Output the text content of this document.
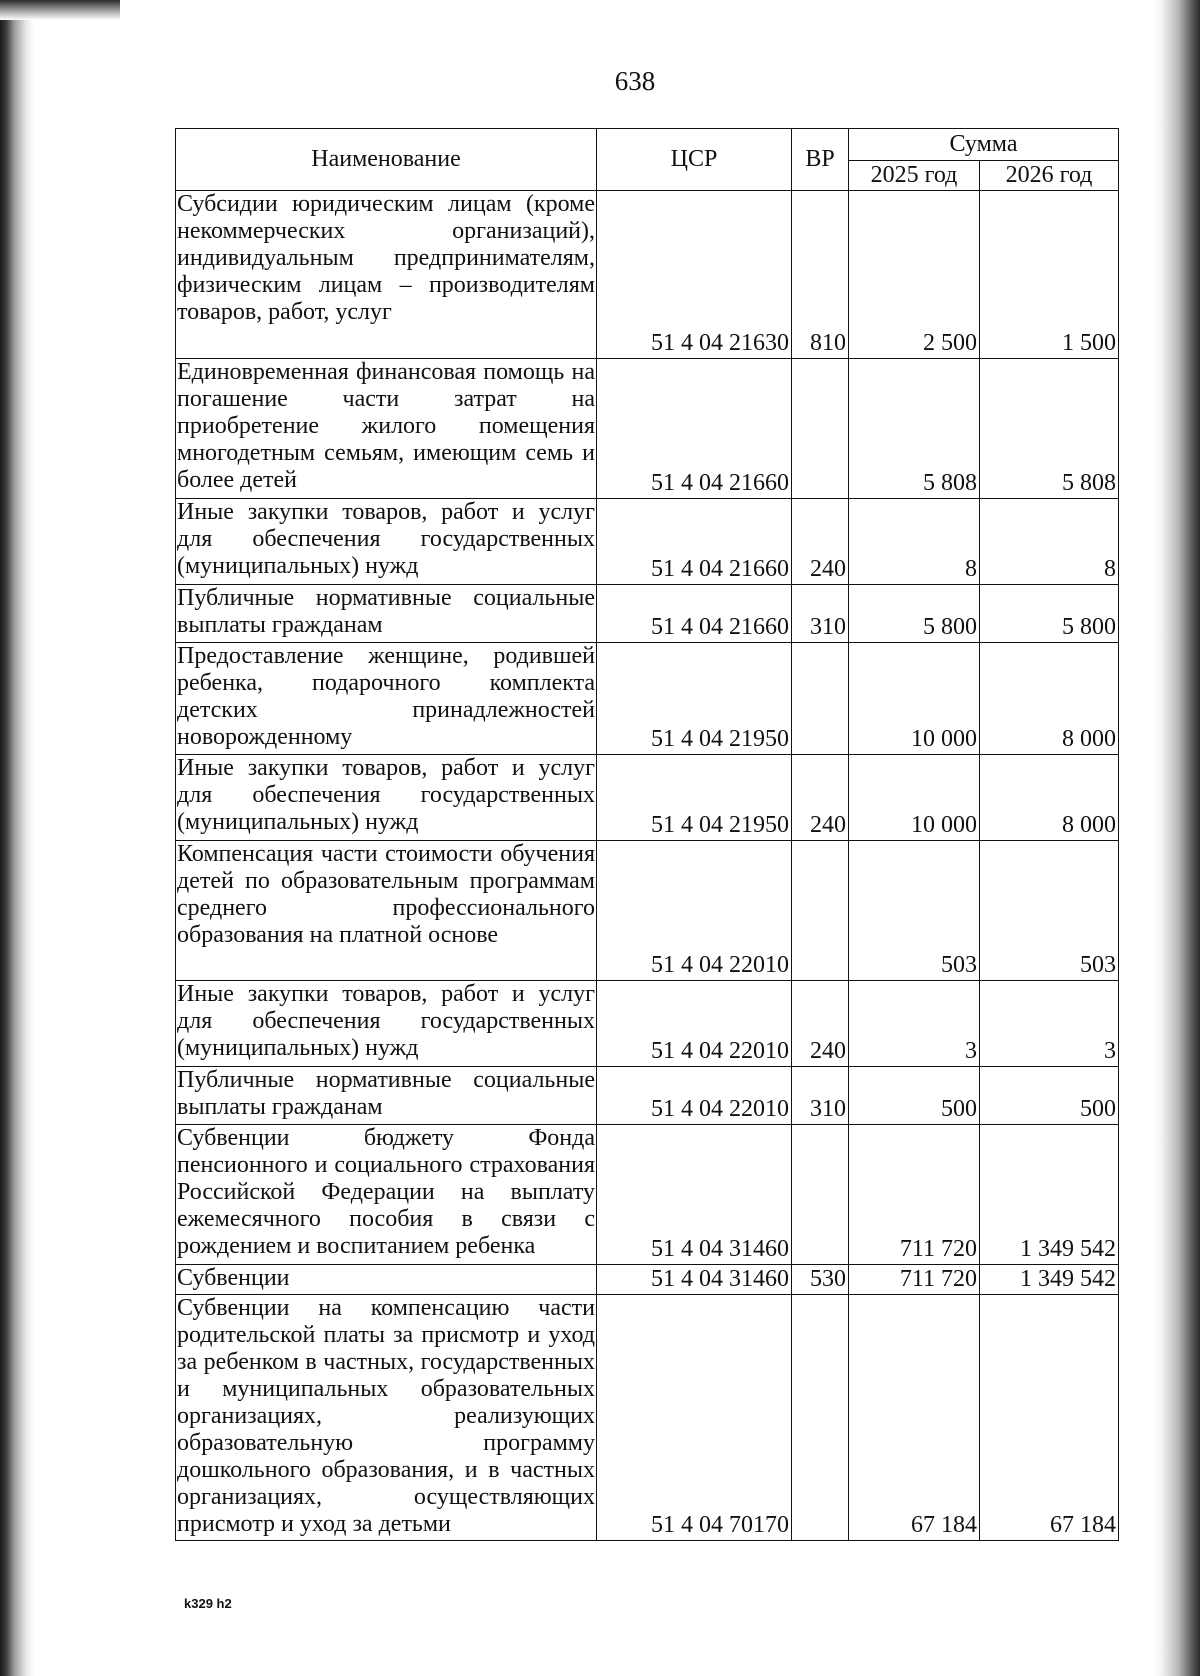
638
Наименование	ЦСР	ВР	Сумма	
			2025 год	2026 год

Субсидии юридическим лицам (кроме некоммерческих организаций), индивидуальным предпринимателям, физическим лицам – производителям товаров, работ, услуг	51 4 04 21630	810	2 500	1 500

Единовременная финансовая помощь на погашение части затрат на приобретение жилого помещения многодетным семьям, имеющим семь и более детей	51 4 04 21660		5 808	5 808

Иные закупки товаров, работ и услуг для обеспечения государственных (муниципальных) нужд	51 4 04 21660	240	8	8

Публичные нормативные социальные выплаты гражданам	51 4 04 21660	310	5 800	5 800

Предоставление женщине, родившей ребенка, подарочного комплекта детских принадлежностей новорожденному	51 4 04 21950		10 000	8 000

Иные закупки товаров, работ и услуг для обеспечения государственных (муниципальных) нужд	51 4 04 21950	240	10 000	8 000

Компенсация части стоимости обучения детей по образовательным программам среднего профессионального образования на платной основе	51 4 04 22010		503	503

Иные закупки товаров, работ и услуг для обеспечения государственных (муниципальных) нужд	51 4 04 22010	240	3	3

Публичные нормативные социальные выплаты гражданам	51 4 04 22010	310	500	500

Субвенции бюджету Фонда пенсионного и социального страхования Российской Федерации на выплату ежемесячного пособия в связи с рождением и воспитанием ребенка	51 4 04 31460		711 720	1 349 542

Субвенции	51 4 04 31460	530	711 720	1 349 542

Субвенции на компенсацию части родительской платы за присмотр и уход за ребенком в частных, государственных и муниципальных образовательных организациях, реализующих образовательную программу дошкольного образования, и в частных организациях, осуществляющих присмотр и уход за детьми	51 4 04 70170		67 184	67 184
k329 h2
